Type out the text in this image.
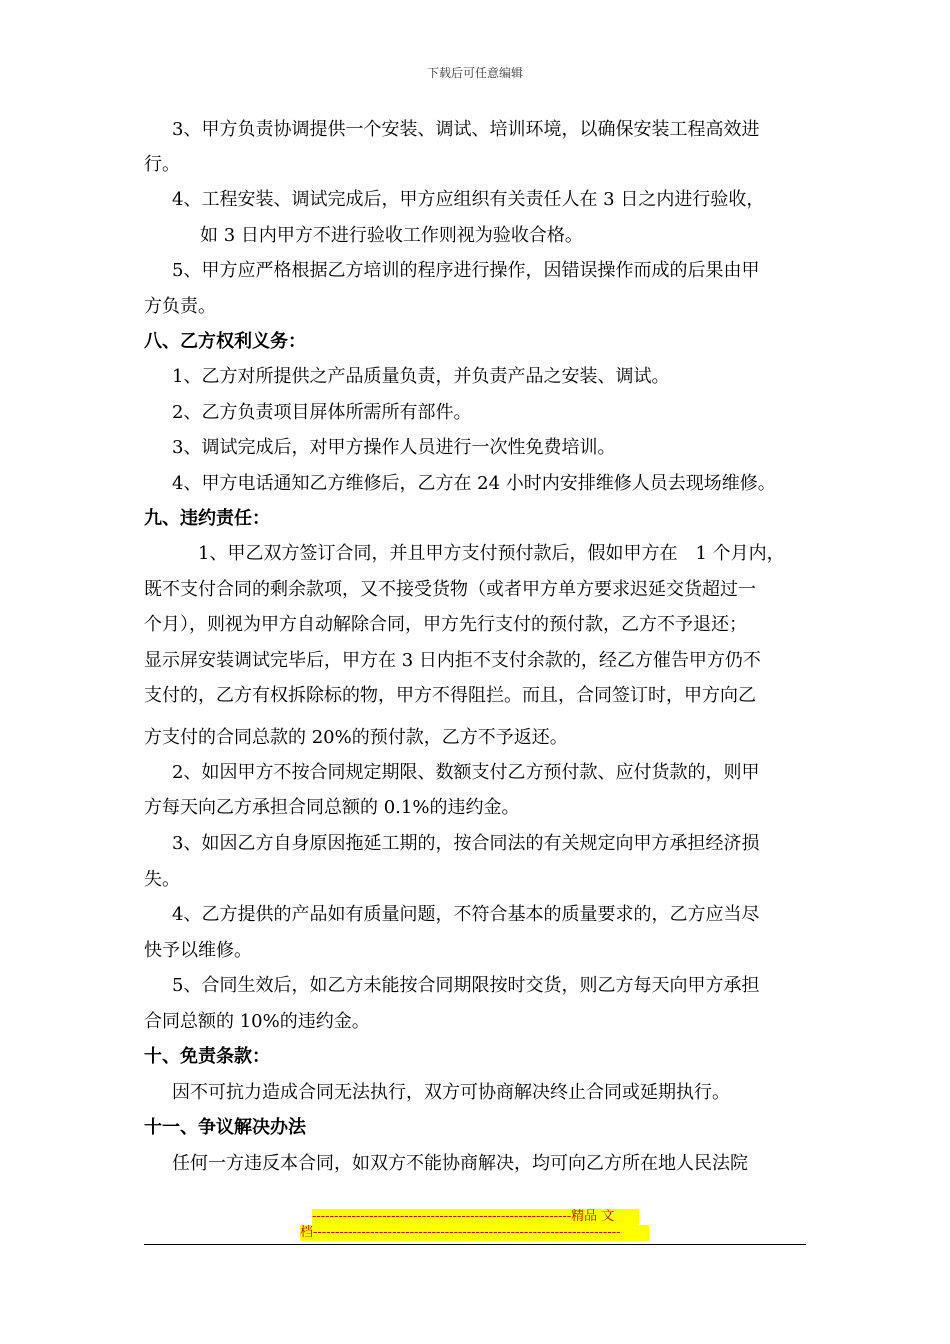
下载后可任意编辑
3、甲方负责协调提供一个安装、调试、培训环境，以确保安装工程高效进
行。
4、工程安装、调试完成后，甲方应组织有关责任人在 3 日之内进行验收，
如 3 日内甲方不进行验收工作则视为验收合格。
5、甲方应严格根据乙方培训的程序进行操作，因错误操作而成的后果由甲
方负责。
八、乙方权利义务：
1、乙方对所提供之产品质量负责，并负责产品之安装、调试。
2、乙方负责项目屏体所需所有部件。
3、调试完成后，对甲方操作人员进行一次性免费培训。
4、甲方电话通知乙方维修后，乙方在 24 小时内安排维修人员去现场维修。
九、违约责任：
1、甲乙双方签订合同，并且甲方支付预付款后，假如甲方在　1 个月内，
既不支付合同的剩余款项，又不接受货物（或者甲方单方要求迟延交货超过一
个月），则视为甲方自动解除合同，甲方先行支付的预付款，乙方不予退还；
显示屏安装调试完毕后，甲方在 3 日内拒不支付余款的，经乙方催告甲方仍不
支付的，乙方有权拆除标的物，甲方不得阻拦。而且，合同签订时，甲方向乙
方支付的合同总款的 20%的预付款，乙方不予返还。
2、如因甲方不按合同规定期限、数额支付乙方预付款、应付货款的，则甲
方每天向乙方承担合同总额的 0.1%的违约金。
3、如因乙方自身原因拖延工期的，按合同法的有关规定向甲方承担经济损
失。
4、乙方提供的产品如有质量问题，不符合基本的质量要求的，乙方应当尽
快予以维修。
5、合同生效后，如乙方未能按合同期限按时交货，则乙方每天向甲方承担
合同总额的 10%的违约金。
十、免责条款：
因不可抗力造成合同无法执行，双方可协商解决终止合同或延期执行。
十一、争议解决办法
任何一方违反本合同，如双方不能协商解决，均可向乙方所在地人民法院
-----------------------------------------------------------精品 文
档----------------------------------------------------------------------
